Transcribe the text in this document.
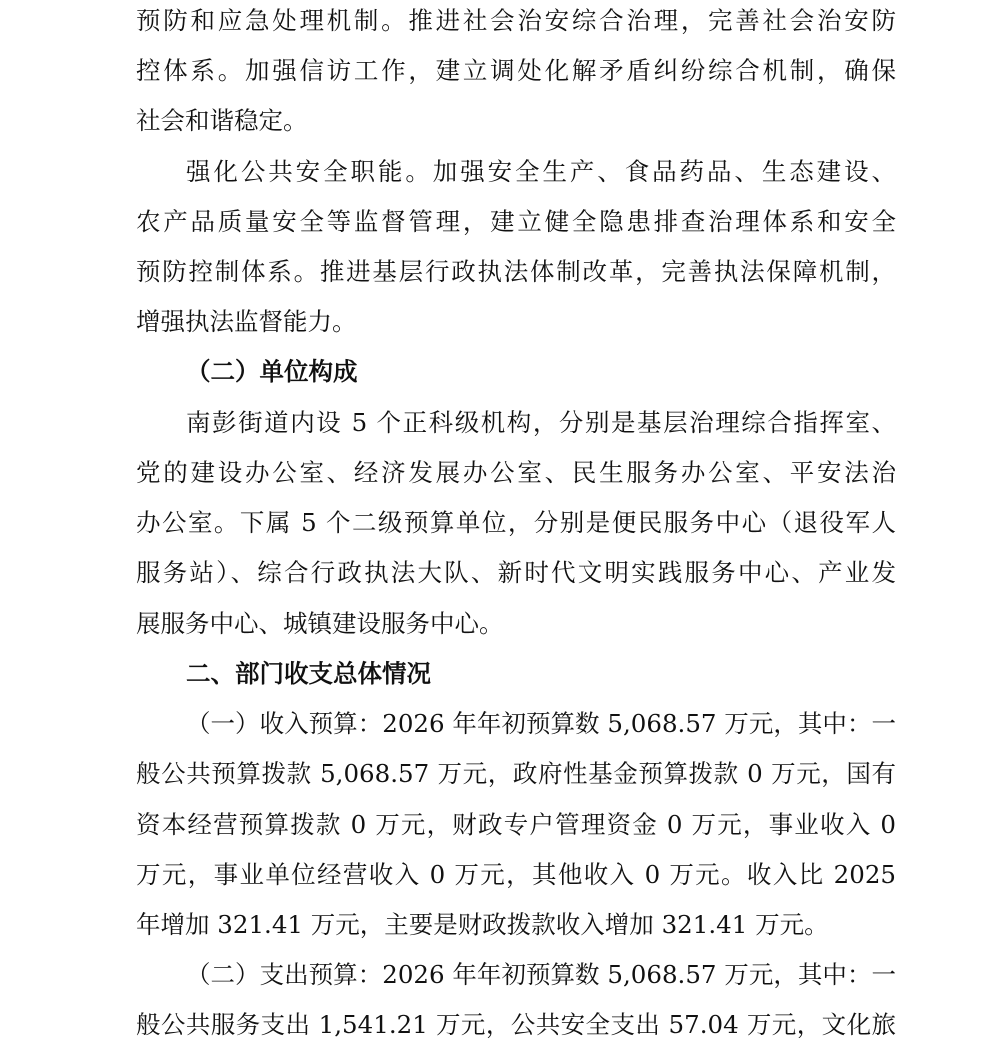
预防和应急处理机制。推进社会治安综合治理，完善社会治安防
控体系。加强信访工作，建立调处化解矛盾纠纷综合机制，确保
社会和谐稳定。
强化公共安全职能。加强安全生产、食品药品、生态建设、
农产品质量安全等监督管理，建立健全隐患排查治理体系和安全
预防控制体系。推进基层行政执法体制改革，完善执法保障机制，
增强执法监督能力。
（二）单位构成
南彭街道内设 5 个正科级机构，分别是基层治理综合指挥室、
党的建设办公室、经济发展办公室、民生服务办公室、平安法治
办公室。下属 5 个二级预算单位，分别是便民服务中心（退役军人
服务站）、综合行政执法大队、新时代文明实践服务中心、产业发
展服务中心、城镇建设服务中心。
二、部门收支总体情况
（一）收入预算：2026 年年初预算数 5,068.57 万元，其中：一
般公共预算拨款 5,068.57 万元，政府性基金预算拨款 0 万元，国有
资本经营预算拨款 0 万元，财政专户管理资金 0 万元，事业收入 0
万元，事业单位经营收入 0 万元，其他收入 0 万元。收入比 2025
年增加 321.41 万元，主要是财政拨款收入增加 321.41 万元。
（二）支出预算：2026 年年初预算数 5,068.57 万元，其中：一
般公共服务支出 1,541.21 万元，公共安全支出 57.04 万元，文化旅
